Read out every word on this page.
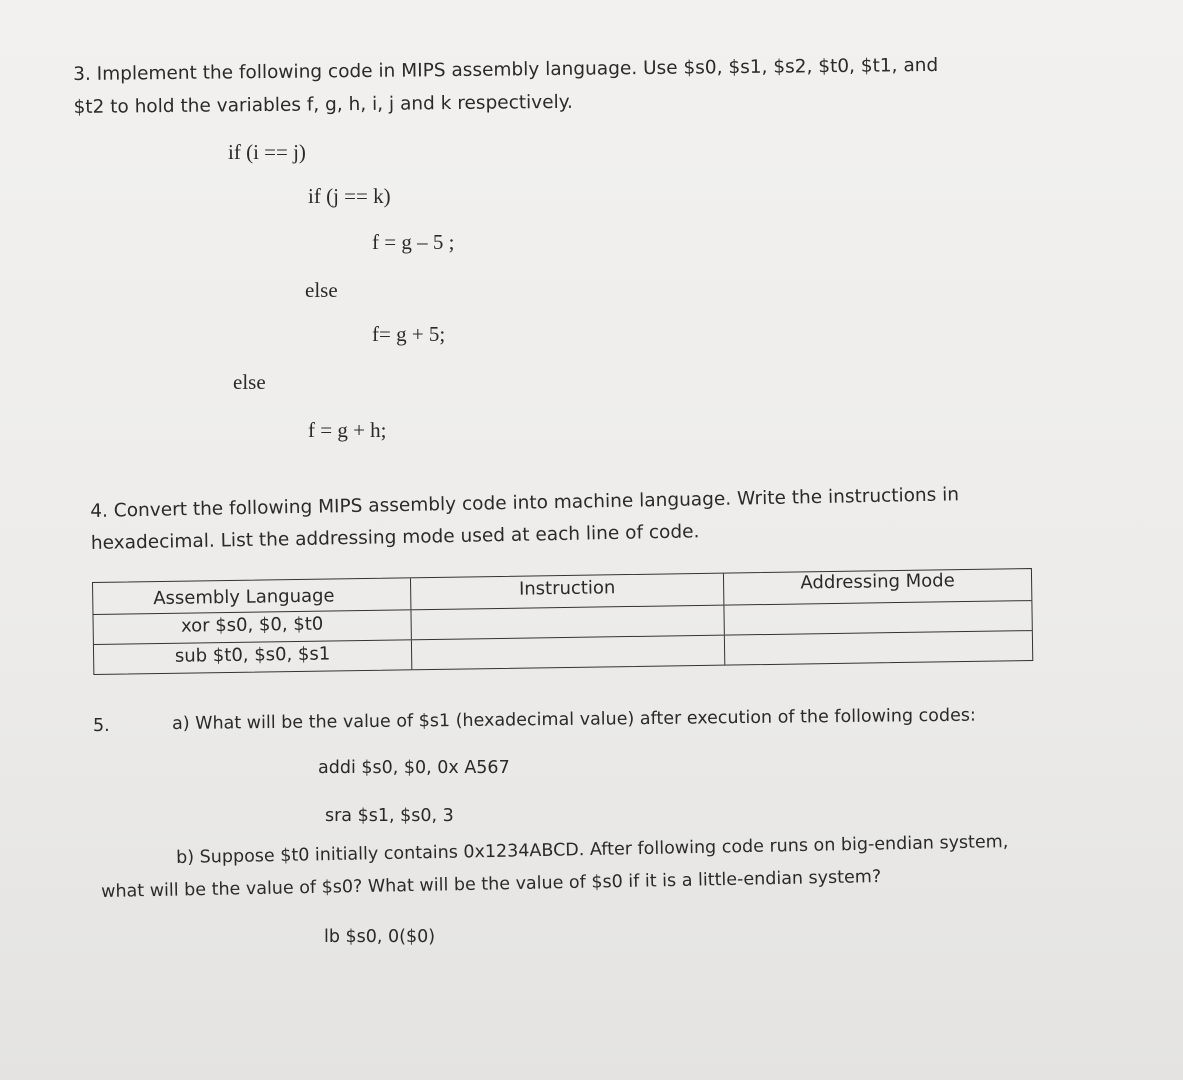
3. Implement the following code in MIPS assembly language. Use $s0, $s1, $s2, $t0, $t1, and
$t2 to hold the variables f, g, h, i, j and k respectively.
if (i == j)
if (j == k)
f = g – 5 ;
else
f= g + 5;
else
f = g + h;
4. Convert the following MIPS assembly code into machine language. Write the instructions in
hexadecimal. List the addressing mode used at each line of code.
Assembly Language	Instruction	Addressing Mode
xor $s0, $0, $t0
sub $t0, $s0, $s1
5.	a) What will be the value of $s1 (hexadecimal value) after execution of the following codes:
addi $s0, $0, 0x A567
sra $s1, $s0, 3
b) Suppose $t0 initially contains 0x1234ABCD. After following code runs on big-endian system,
what will be the value of $s0? What will be the value of $s0 if it is a little-endian system?
lb $s0, 0($0)
